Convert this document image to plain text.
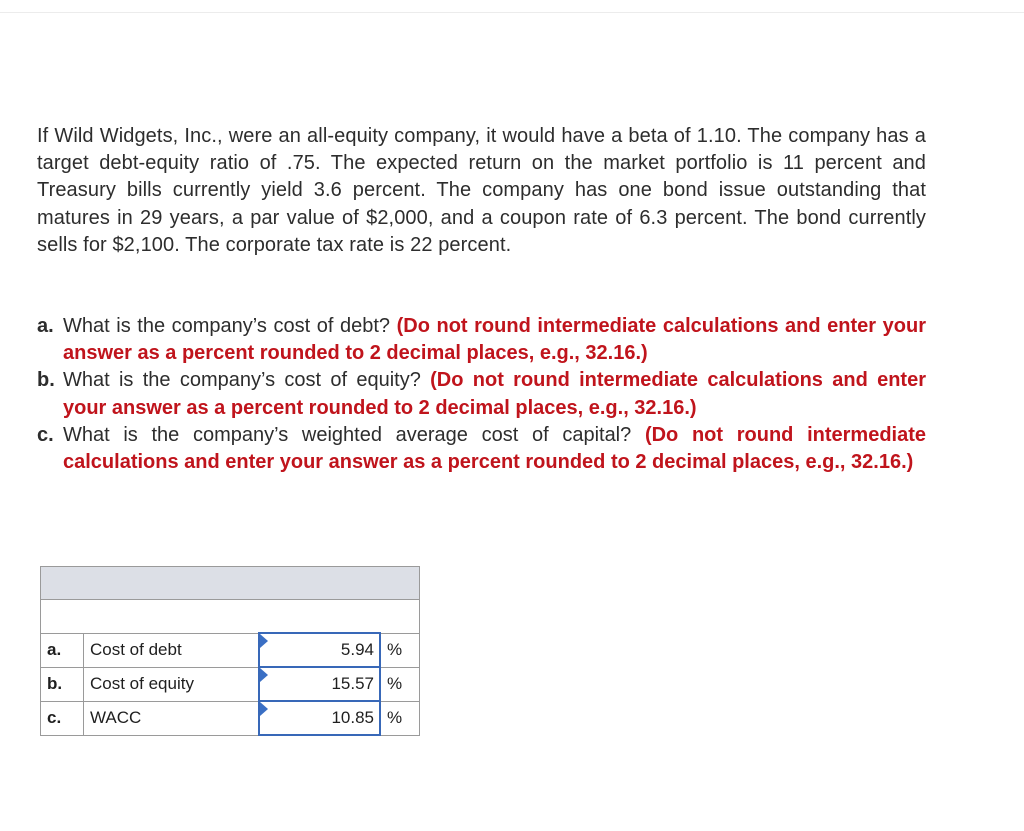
If Wild Widgets, Inc., were an all-equity company, it would have a beta of 1.10. The company has a target debt-equity ratio of .75. The expected return on the market portfolio is 11 percent and Treasury bills currently yield 3.6 percent. The company has one bond issue outstanding that matures in 29 years, a par value of $2,000, and a coupon rate of 6.3 percent. The bond currently sells for $2,100. The corporate tax rate is 22 percent.

a. What is the company’s cost of debt? (Do not round intermediate calculations and enter your answer as a percent rounded to 2 decimal places, e.g., 32.16.)
b. What is the company’s cost of equity? (Do not round intermediate calculations and enter your answer as a percent rounded to 2 decimal places, e.g., 32.16.)
c. What is the company’s weighted average cost of capital? (Do not round intermediate calculations and enter your answer as a percent rounded to 2 decimal places, e.g., 32.16.)

a.	Cost of debt	5.94	%
b.	Cost of equity	15.57	%
c.	WACC	10.85	%
